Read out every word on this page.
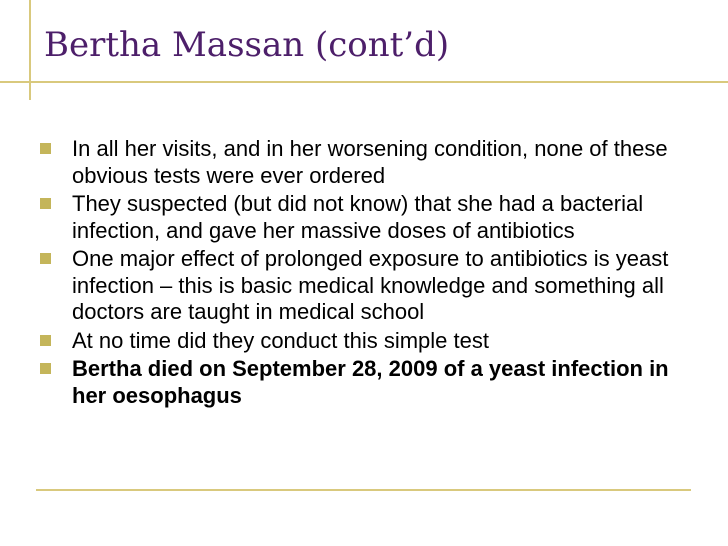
Bertha Massan (cont’d)
In all her visits, and in her worsening condition, none of these obvious tests were ever ordered
They suspected (but did not know) that she had a bacterial infection, and gave her massive doses of antibiotics
One major effect of prolonged exposure to antibiotics is yeast infection – this is basic medical knowledge and something all doctors are taught in medical school
At no time did they conduct this simple test
Bertha died on September 28, 2009 of a yeast infection in her oesophagus
